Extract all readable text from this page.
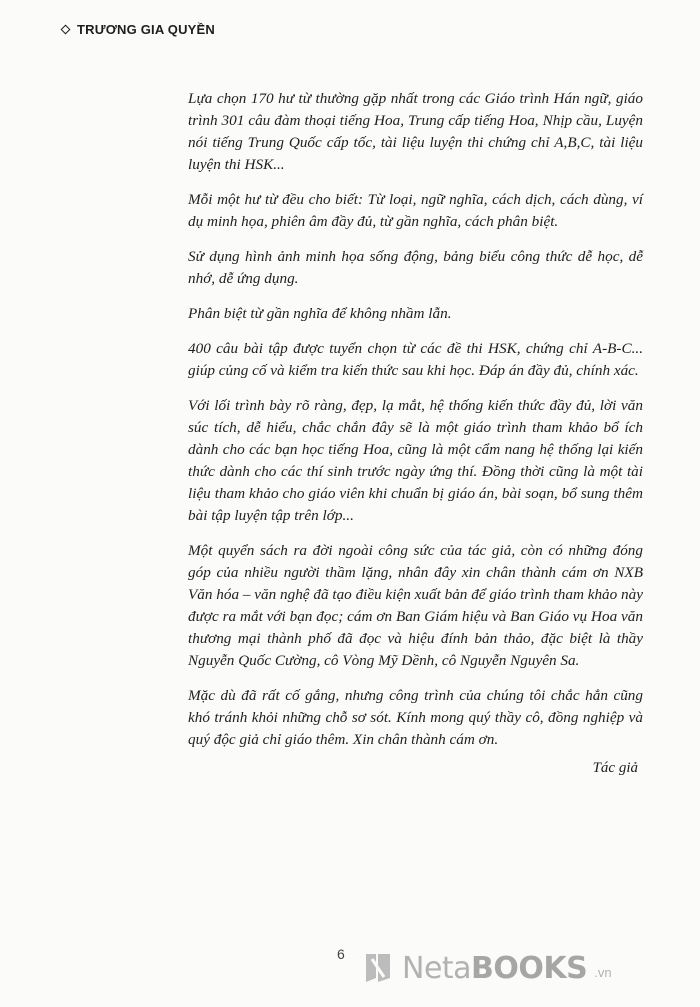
TRƯƠNG GIA QUYỀN

Lựa chọn 170 hư từ thường gặp nhất trong các Giáo trình Hán ngữ, giáo trình 301 câu đàm thoại tiếng Hoa, Trung cấp tiếng Hoa, Nhịp cầu, Luyện nói tiếng Trung Quốc cấp tốc, tài liệu luyện thi chứng chỉ A,B,C, tài liệu luyện thi HSK...

Mỗi một hư từ đều cho biết: Từ loại, ngữ nghĩa, cách dịch, cách dùng, ví dụ minh họa, phiên âm đầy đủ, từ gần nghĩa, cách phân biệt.

Sử dụng hình ảnh minh họa sống động, bảng biểu công thức dễ học, dễ nhớ, dễ ứng dụng.

Phân biệt từ gần nghĩa để không nhầm lẫn.

400 câu bài tập được tuyển chọn từ các đề thi HSK, chứng chỉ A-B-C... giúp củng cố và kiểm tra kiến thức sau khi học. Đáp án đầy đủ, chính xác.

Với lối trình bày rõ ràng, đẹp, lạ mắt, hệ thống kiến thức đầy đủ, lời văn súc tích, dễ hiểu, chắc chắn đây sẽ là một giáo trình tham khảo bổ ích dành cho các bạn học tiếng Hoa, cũng là một cẩm nang hệ thống lại kiến thức dành cho các thí sinh trước ngày ứng thí. Đồng thời cũng là một tài liệu tham khảo cho giáo viên khi chuẩn bị giáo án, bài soạn, bổ sung thêm bài tập luyện tập trên lớp...

Một quyển sách ra đời ngoài công sức của tác giả, còn có những đóng góp của nhiều người thầm lặng, nhân đây xin chân thành cám ơn NXB Văn hóa – văn nghệ đã tạo điều kiện xuất bản để giáo trình tham khảo này được ra mắt với bạn đọc; cám ơn Ban Giám hiệu và Ban Giáo vụ Hoa văn thương mại thành phố đã đọc và hiệu đính bản thảo, đặc biệt là thầy Nguyễn Quốc Cường, cô Vòng Mỹ Dềnh, cô Nguyễn Nguyên Sa.

Mặc dù đã rất cố gắng, nhưng công trình của chúng tôi chắc hẳn cũng khó tránh khỏi những chỗ sơ sót. Kính mong quý thầy cô, đồng nghiệp và quý độc giả chỉ giáo thêm. Xin chân thành cám ơn.

Tác giả
6 NetaBOOKS .vn
